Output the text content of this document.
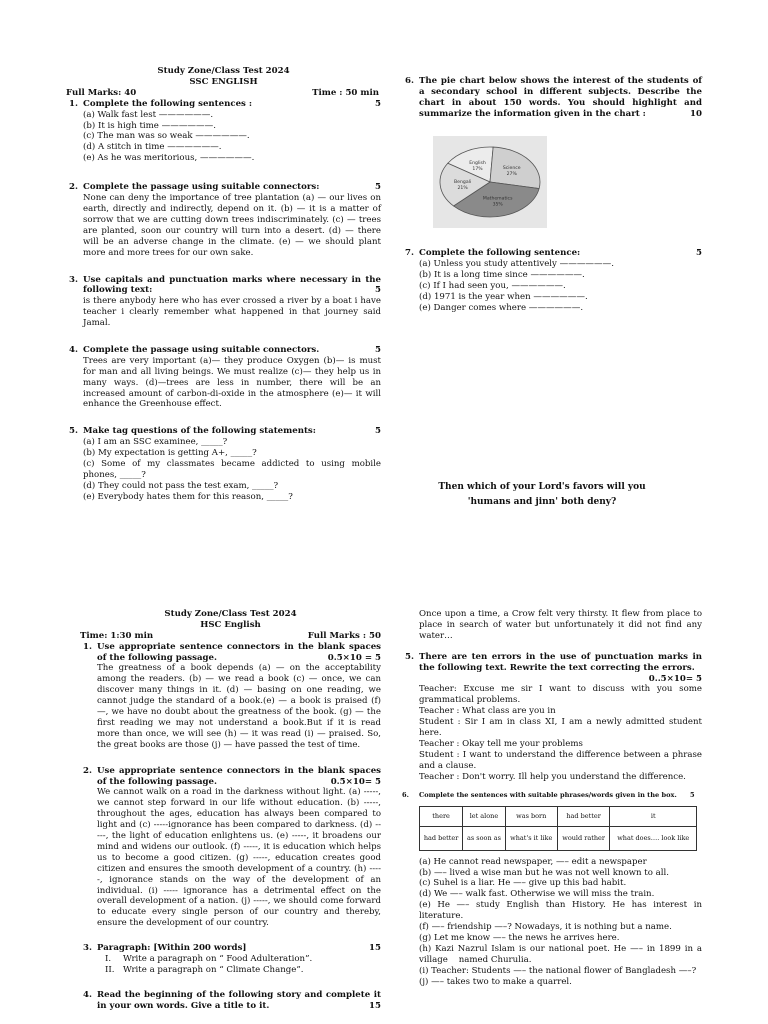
Study Zone/Class Test 2024
SSC ENGLISH
Full Marks: 40	Time : 50 min
1. Complete the following sentences :	5
(a) Walk fast lest ——————.
(b) It is high time ——————.
(c) The man was so weak ——————.
(d) A stitch in time ——————.
(e) As he was meritorious, ——————.
2. Complete the passage using suitable connectors:	5
None can deny the importance of tree plantation (a) — our lives on earth, directly and indirectly, depend on it. (b) — it is a matter of sorrow that we are cutting down trees indiscriminately. (c) — trees are planted, soon our country will turn into a desert. (d) — there will be an adverse change in the climate. (e) — we should plant more and more trees for our own sake.
3. Use capitals and punctuation marks where necessary in the following text:	5
is there anybody here who has ever crossed a river by a boat i have teacher i clearly remember what happened in that journey said Jamal.
4. Complete the passage using suitable connectors.	5
Trees are very important (a)— they produce Oxygen (b)— is must for man and all living beings. We must realize (c)— they help us in many ways. (d)—trees are less in number, there will be an increased amount of carbon-di-oxide in the atmosphere (e)— it will enhance the Greenhouse effect.
5. Make tag questions of the following statements:	5
(a) I am an SSC examinee, _____?
(b) My expectation is getting A+, _____?
(c) Some of my classmates became addicted to using mobile phones, _____?
(d) They could not pass the test exam, _____?
(e) Everybody hates them for this reason, _____?
6. The pie chart below shows the interest of the students of a secondary school in different subjects. Describe the chart in about 150 words. You should highlight and summarize the information given in the chart :	10
English
17%	Science
27%
Mathematics
35%
Bengali
21%
7. Complete the following sentence:	5
(a) Unless you study attentively ——————.
(b) It is a long time since ——————.
(c) If I had seen you, ——————.
(d) 1971 is the year when ——————.
(e) Danger comes where ——————.
Then which of your Lord's favors will you
'humans and jinn' both deny?
Study Zone/Class Test 2024
HSC English
Time: 1:30 min	Full Marks : 50
1. Use appropriate sentence connectors in the blank spaces of the following passage.	0.5×10 = 5
The greatness of a book depends (a) — on the acceptability among the readers. (b) — we read a book (c) — once, we can discover many things in it. (d) — basing on one reading, we cannot judge the standard of a book.(e) — a book is praised (f)—, we have no doubt about the greatness of the book. (g) — the first reading we may not understand a book.But if it is read more than once, we will see (h) — it was read (i) — praised. So, the great books are those (j) — have passed the test of time.
2. Use appropriate sentence connectors in the blank spaces of the following passage.	0.5×10= 5
We cannot walk on a road in the darkness without light. (a) -----, we cannot step forward in our life without education. (b) -----, throughout the ages, education has always been compared to light and (c) -----ignorance has been compared to darkness. (d) -----, the light of education enlightens us. (e) -----, it broadens our mind and widens our outlook. (f) -----, it is education which helps us to become a good citizen. (g) -----, education creates good citizen and ensures the smooth development of a country. (h) -----, ignorance stands on the way of the development of an individual. (i) ----- ignorance has a detrimental effect on the overall development of a nation. (j) -----, we should come forward to educate every single person of our country and thereby, ensure the development of our country.
3. Paragraph: [Within 200 words]	15
I.	Write a paragraph on “ Food Adulteration”.
II. Write a paragraph on “ Climate Change”.
4. Read the beginning of the following story and complete it in your own words. Give a title to it.	15
Once upon a time, a Crow felt very thirsty. It flew from place to place in search of water but unfortunately it did not find any water…
5. There are ten errors in the use of punctuation marks in the following text. Rewrite the text correcting the errors.
0..5×10= 5
Teacher: Excuse me sir I want to discuss with you some grammatical problems.
Teacher : What class are you in
Student : Sir I am in class XI, I am a newly admitted student here.
Teacher : Okay tell me your problems
Student : I want to understand the difference between a phrase and a clause.
Teacher : Don't worry. Ill help you understand the difference.
6.	Complete the sentences with suitable phrases/words given in the box.	5
there	let alone	was born	had better	it
had better	as soon as	what's it like	would rather	what does…. look like
(a) He cannot read newspaper, —– edit a newspaper
(b) —– lived a wise man but he was not well known to all.
(c) Suhel is a liar. He —– give up this bad habit.
(d) We —– walk fast. Otherwise we will miss the train.
(e) He —– study English than History. He has interest in literature.
(f) —– friendship —–? Nowadays, it is nothing but a name.
(g) Let me know —– the news he arrives here.
(h) Kazi Nazrul Islam is our national poet. He —– in 1899 in a village    named Churulia.
(i) Teacher: Students —– the national flower of Bangladesh —–?
(j) —– takes two to make a quarrel.
